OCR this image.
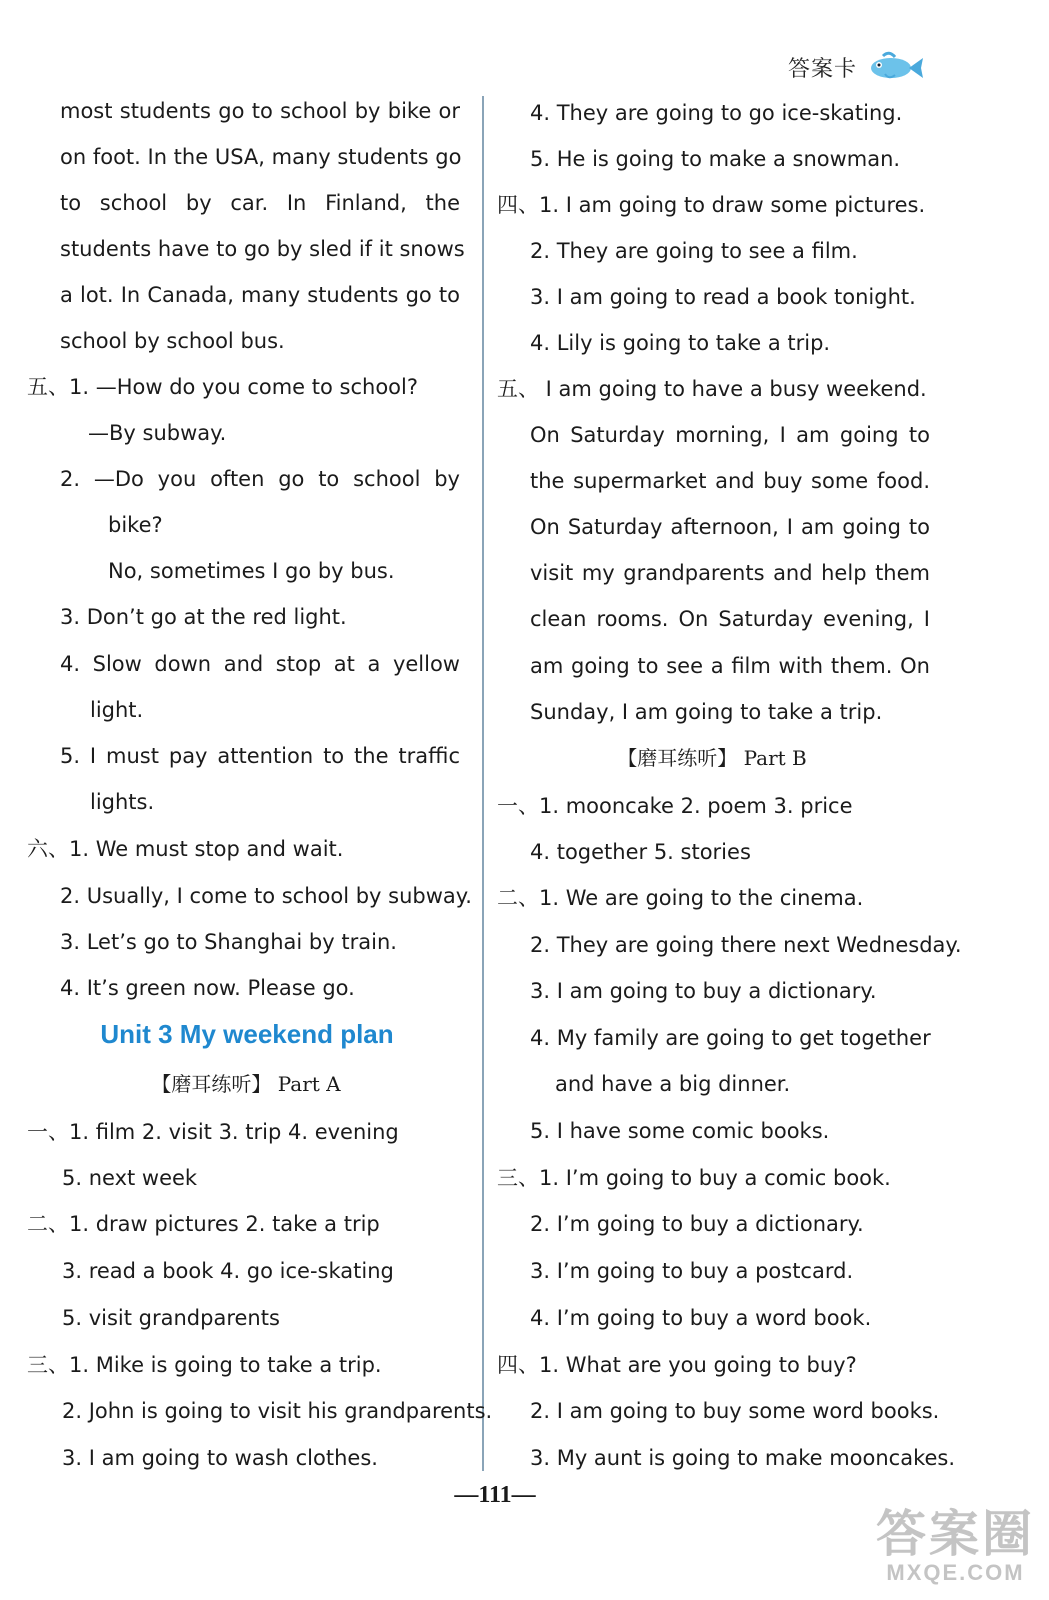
答案卡
most students go to school by bike or
on foot. In the USA, many students go
to school by car. In Finland, the
students have to go by sled if it snows
a lot. In Canada, many students go to
school by school bus.
五、1. —How do you come to school?
—By subway.
2. —Do you often go to school by
bike?
No, sometimes I go by bus.
3. Don’t go at the red light.
4. Slow down and stop at a yellow
light.
5. I must pay attention to the traffic
lights.
六、1. We must stop and wait.
2. Usually, I come to school by subway.
3. Let’s go to Shanghai by train.
4. It’s green now. Please go.
Unit 3 My weekend plan
【磨耳练听】 Part A
一、1. film 2. visit 3. trip 4. evening
5. next week
二、1. draw pictures 2. take a trip
3. read a book 4. go ice-skating
5. visit grandparents
三、1. Mike is going to take a trip.
2. John is going to visit his grandparents.
3. I am going to wash clothes.
4. They are going to go ice-skating.
5. He is going to make a snowman.
四、1. I am going to draw some pictures.
2. They are going to see a film.
3. I am going to read a book tonight.
4. Lily is going to take a trip.
五、 I am going to have a busy weekend.
On Saturday morning, I am going to
the supermarket and buy some food.
On Saturday afternoon, I am going to
visit my grandparents and help them
clean rooms. On Saturday evening, I
am going to see a film with them. On
Sunday, I am going to take a trip.
【磨耳练听】 Part B
一、1. mooncake 2. poem 3. price
4. together 5. stories
二、1. We are going to the cinema.
2. They are going there next Wednesday.
3. I am going to buy a dictionary.
4. My family are going to get together
and have a big dinner.
5. I have some comic books.
三、1. I’m going to buy a comic book.
2. I’m going to buy a dictionary.
3. I’m going to buy a postcard.
4. I’m going to buy a word book.
四、1. What are you going to buy?
2. I am going to buy some word books.
3. My aunt is going to make mooncakes.
—111—
答案圈
MXQE.COM
